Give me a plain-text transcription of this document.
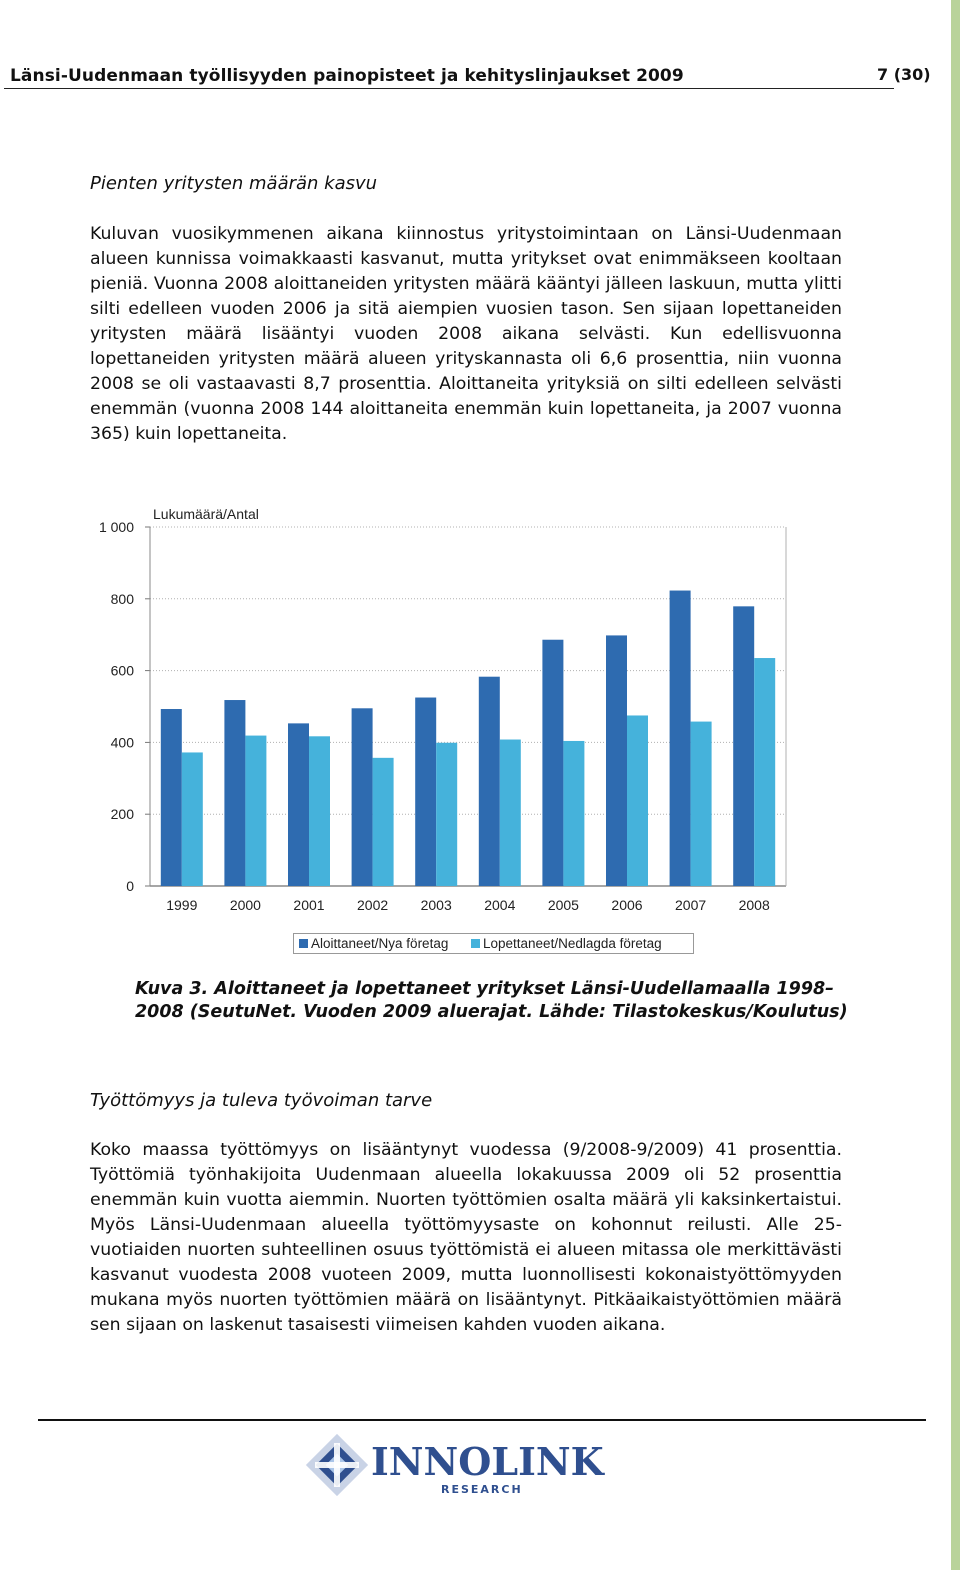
Länsi-Uudenmaan työllisyyden painopisteet ja kehityslinjaukset 2009	7 (30)
Pienten yritysten määrän kasvu

Kuluvan vuosikymmenen aikana kiinnostus yritystoimintaan on Länsi-Uudenmaan alueen kunnissa voimakkaasti kasvanut, mutta yritykset ovat enimmäkseen kooltaan pieniä. Vuonna 2008 aloittaneiden yritysten määrä kääntyi jälleen laskuun, mutta ylitti silti edelleen vuoden 2006 ja sitä aiempien vuosien tason. Sen sijaan lopettaneiden yritysten määrä lisääntyi vuoden 2008 aikana selvästi. Kun edellisvuonna lopettaneiden yritysten määrä alueen yrityskannasta oli 6,6 prosenttia, niin vuonna 2008 se oli vastaavasti 8,7 prosenttia. Aloittaneita yrityksiä on silti edelleen selvästi enemmän (vuonna 2008 144 aloittaneita enemmän kuin lopettaneita, ja 2007 vuonna 365) kuin lopettaneita.

0
200
400
600
800
1 000
Lukumäärä/Antal
1999 2000 2001 2002 2003 2004 2005 2006 2007 2008
Aloittaneet/Nya företag	Lopettaneet/Nedlagda företag

Kuva 3. Aloittaneet ja lopettaneet yritykset Länsi-Uudellamaalla 1998–2008 (SeutuNet. Vuoden 2009 aluerajat. Lähde: Tilastokeskus/Koulutus)

Työttömyys ja tuleva työvoiman tarve

Koko maassa työttömyys on lisääntynyt vuodessa (9/2008-9/2009) 41 prosenttia. Työttömiä työnhakijoita Uudenmaan alueella lokakuussa 2009 oli 52 prosenttia enemmän kuin vuotta aiemmin. Nuorten työttömien osalta määrä yli kaksinkertaistui. Myös Länsi-Uudenmaan alueella työttömyysaste on kohonnut reilusti. Alle 25-vuotiaiden nuorten suhteellinen osuus työttömistä ei alueen mitassa ole merkittävästi kasvanut vuodesta 2008 vuoteen 2009, mutta luonnollisesti kokonaistyöttömyyden mukana myös nuorten työttömien määrä on lisääntynyt. Pitkäaikaistyöttömien määrä sen sijaan on laskenut tasaisesti viimeisen kahden vuoden aikana.

INNOLINK
RESEARCH
